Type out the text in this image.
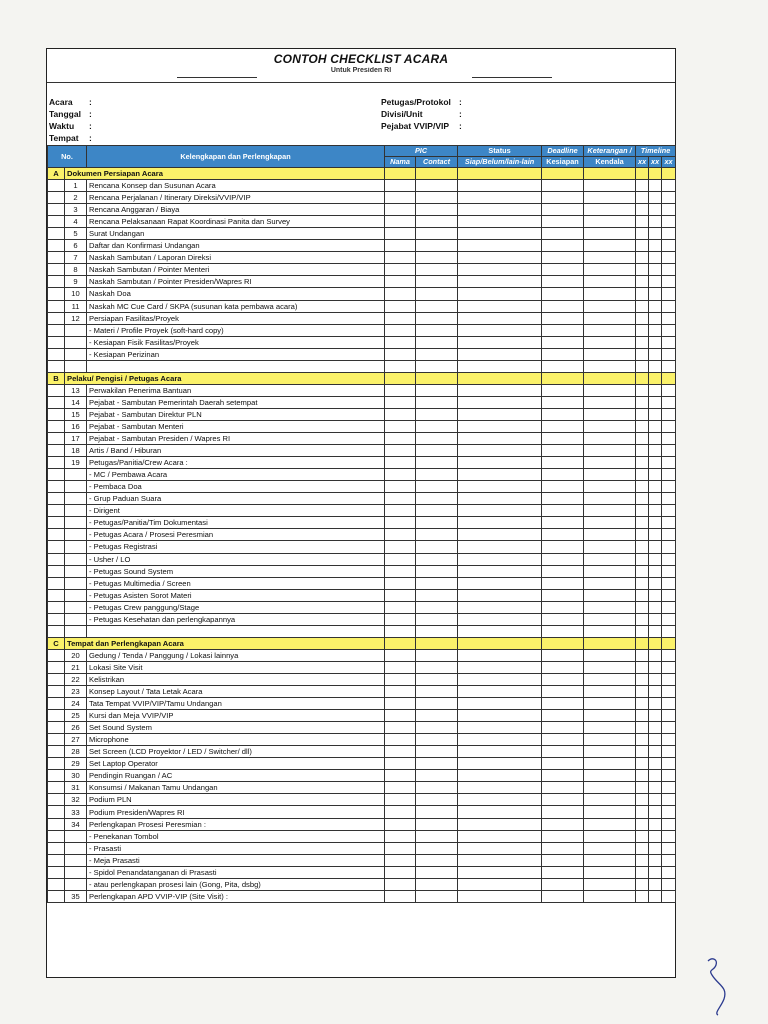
CONTOH CHECKLIST ACARA
Untuk Presiden RI
Acara :
Tanggal :
Waktu :
Tempat :
Petugas/Protokol :
Divisi/Unit	:
Pejabat VVIP/VIP :
No.		Kelengkapan dan Perlengkapan	PIC		Status	Deadline	Keterangan /	Timeline		
			Nama	Contact	Siap/Belum/lain-lain	Kesiapan	Kendala	xx	xx	xx
A	Dokumen Persiapan Acara									
	1	Rencana Konsep dan Susunan Acara								
	2	Rencana Perjalanan / Itinerary Direksi/VVIP/VIP								
	3	Rencana Anggaran / Biaya								
	4	Rencana Pelaksanaan Rapat Koordinasi Panita dan Survey								
	5	Surat Undangan								
	6	Daftar dan Konfirmasi Undangan								
	7	Naskah Sambutan / Laporan Direksi								
	8	Naskah Sambutan / Pointer Menteri								
	9	Naskah Sambutan / Pointer Presiden/Wapres RI								
	10	Naskah Doa								
	11	Naskah MC Cue Card / SKPA (susunan kata pembawa acara)								
	12	Persiapan Fasilitas/Proyek								
		- Materi / Profile Proyek (soft-hard copy)								
		- Kesiapan Fisik Fasilitas/Proyek								
		- Kesiapan Perizinan								

B	Pelaku/ Pengisi / Petugas Acara									
	13	Perwakilan Penerima Bantuan								
	14	Pejabat - Sambutan Pemerintah Daerah setempat								
	15	Pejabat - Sambutan Direktur PLN								
	16	Pejabat - Sambutan Menteri								
	17	Pejabat - Sambutan Presiden / Wapres RI								
	18	Artis / Band / Hiburan								
	19	Petugas/Panitia/Crew Acara :								
		- MC / Pembawa Acara								
		- Pembaca Doa								
		- Grup Paduan Suara								
		- Dirigent								
		- Petugas/Panitia/Tim Dokumentasi								
		- Petugas Acara / Prosesi Peresmian								
		- Petugas Registrasi								
		- Usher / LO								
		- Petugas Sound System								
		- Petugas Multimedia / Screen								
		- Petugas Asisten Sorot Materi								
		- Petugas Crew panggung/Stage								
		- Petugas Kesehatan dan perlengkapannya								

C	Tempat dan Perlengkapan Acara									
	20	Gedung / Tenda / Panggung / Lokasi lainnya								
	21	Lokasi Site Visit								
	22	Kelistrikan								
	23	Konsep Layout / Tata Letak Acara								
	24	Tata Tempat VVIP/VIP/Tamu Undangan								
	25	Kursi dan Meja VVIP/VIP								
	26	Set Sound System								
	27	Microphone								
	28	Set Screen (LCD Proyektor / LED / Switcher/ dll)								
	29	Set Laptop Operator								
	30	Pendingin Ruangan / AC								
	31	Konsumsi / Makanan Tamu Undangan								
	32	Podium PLN								
	33	Podium Presiden/Wapres RI								
	34	Perlengkapan Prosesi Peresmian :								
		- Penekanan Tombol								
		- Prasasti								
		- Meja Prasasti								
		- Spidol Penandatanganan di Prasasti								
		- atau perlengkapan prosesi lain (Gong, Pita, dsbg)								
	35	Perlengkapan APD VVIP-VIP (Site Visit) :								
